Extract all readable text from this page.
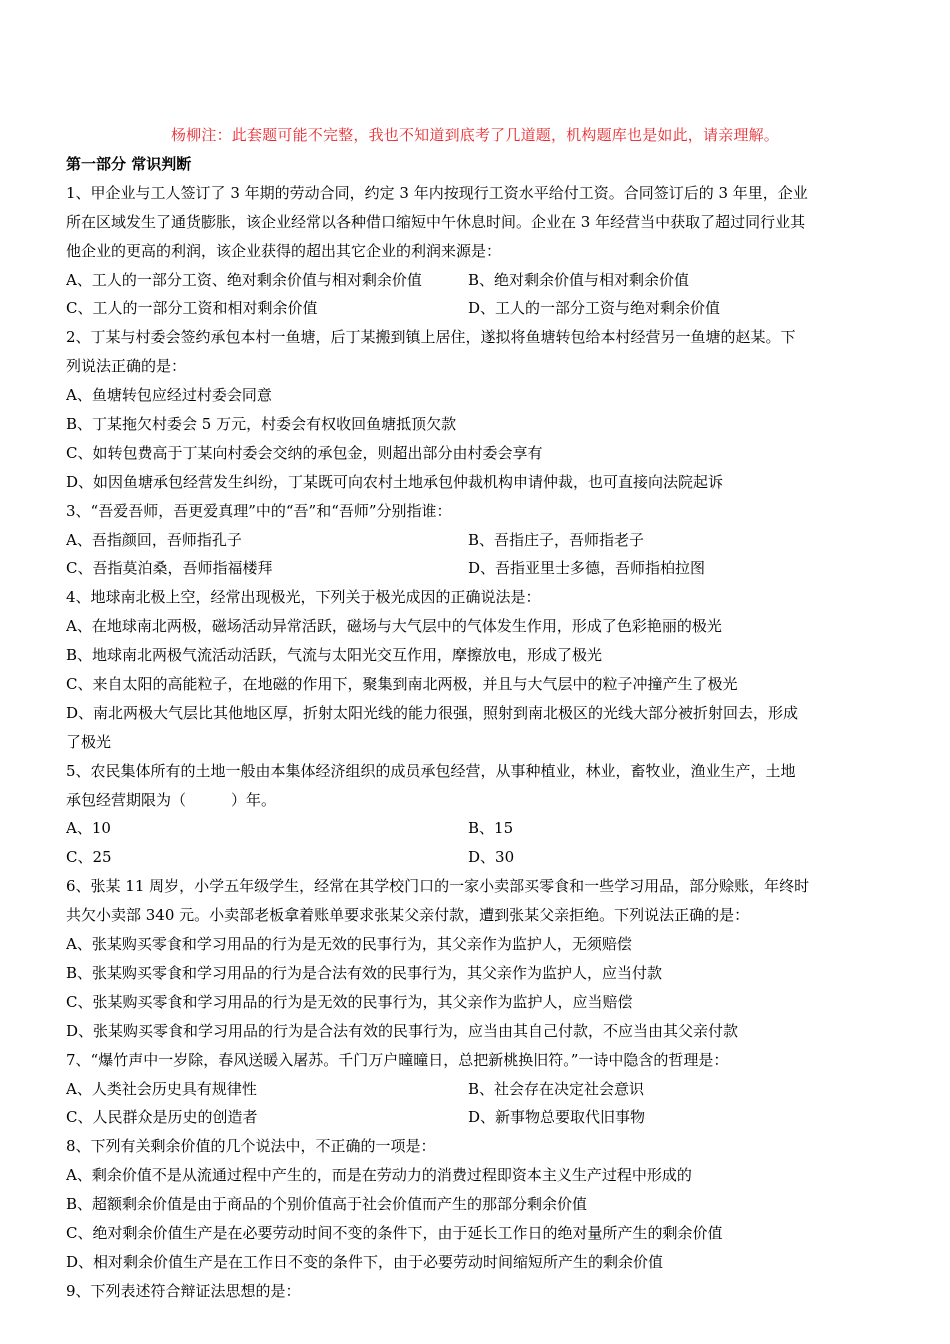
杨柳注：此套题可能不完整，我也不知道到底考了几道题，机构题库也是如此，请亲理解。
第一部分 常识判断
1、甲企业与工人签订了 3 年期的劳动合同，约定 3 年内按现行工资水平给付工资。合同签订后的 3 年里，企业
所在区域发生了通货膨胀，该企业经常以各种借口缩短中午休息时间。企业在 3 年经营当中获取了超过同行业其
他企业的更高的利润，该企业获得的超出其它企业的利润来源是：
A、工人的一部分工资、绝对剩余价值与相对剩余价值	B、绝对剩余价值与相对剩余价值
C、工人的一部分工资和相对剩余价值	D、工人的一部分工资与绝对剩余价值
2、丁某与村委会签约承包本村一鱼塘，后丁某搬到镇上居住，遂拟将鱼塘转包给本村经营另一鱼塘的赵某。下
列说法正确的是：
A、鱼塘转包应经过村委会同意
B、丁某拖欠村委会 5 万元，村委会有权收回鱼塘抵顶欠款
C、如转包费高于丁某向村委会交纳的承包金，则超出部分由村委会享有
D、如因鱼塘承包经营发生纠纷，丁某既可向农村土地承包仲裁机构申请仲裁，也可直接向法院起诉
3、“吾爱吾师，吾更爱真理”中的“吾”和“吾师”分别指谁：
A、吾指颜回，吾师指孔子	B、吾指庄子，吾师指老子
C、吾指莫泊桑，吾师指福楼拜	D、吾指亚里士多德，吾师指柏拉图
4、地球南北极上空，经常出现极光，下列关于极光成因的正确说法是：
A、在地球南北两极，磁场活动异常活跃，磁场与大气层中的气体发生作用，形成了色彩艳丽的极光
B、地球南北两极气流活动活跃，气流与太阳光交互作用，摩擦放电，形成了极光
C、来自太阳的高能粒子，在地磁的作用下，聚集到南北两极，并且与大气层中的粒子冲撞产生了极光
D、南北两极大气层比其他地区厚，折射太阳光线的能力很强，照射到南北极区的光线大部分被折射回去，形成
了极光
5、农民集体所有的土地一般由本集体经济组织的成员承包经营，从事种植业，林业，畜牧业，渔业生产，土地
承包经营期限为（　　　）年。
A、10	B、15
C、25	D、30
6、张某 11 周岁，小学五年级学生，经常在其学校门口的一家小卖部买零食和一些学习用品，部分赊账，年终时
共欠小卖部 340 元。小卖部老板拿着账单要求张某父亲付款，遭到张某父亲拒绝。下列说法正确的是：
A、张某购买零食和学习用品的行为是无效的民事行为，其父亲作为监护人，无须赔偿
B、张某购买零食和学习用品的行为是合法有效的民事行为，其父亲作为监护人，应当付款
C、张某购买零食和学习用品的行为是无效的民事行为，其父亲作为监护人，应当赔偿
D、张某购买零食和学习用品的行为是合法有效的民事行为，应当由其自己付款，不应当由其父亲付款
7、“爆竹声中一岁除，春风送暖入屠苏。千门万户曈曈日，总把新桃换旧符。”一诗中隐含的哲理是：
A、人类社会历史具有规律性	B、社会存在决定社会意识
C、人民群众是历史的创造者	D、新事物总要取代旧事物
8、下列有关剩余价值的几个说法中，不正确的一项是：
A、剩余价值不是从流通过程中产生的，而是在劳动力的消费过程即资本主义生产过程中形成的
B、超额剩余价值是由于商品的个别价值高于社会价值而产生的那部分剩余价值
C、绝对剩余价值生产是在必要劳动时间不变的条件下，由于延长工作日的绝对量所产生的剩余价值
D、相对剩余价值生产是在工作日不变的条件下，由于必要劳动时间缩短所产生的剩余价值
9、下列表述符合辩证法思想的是：
